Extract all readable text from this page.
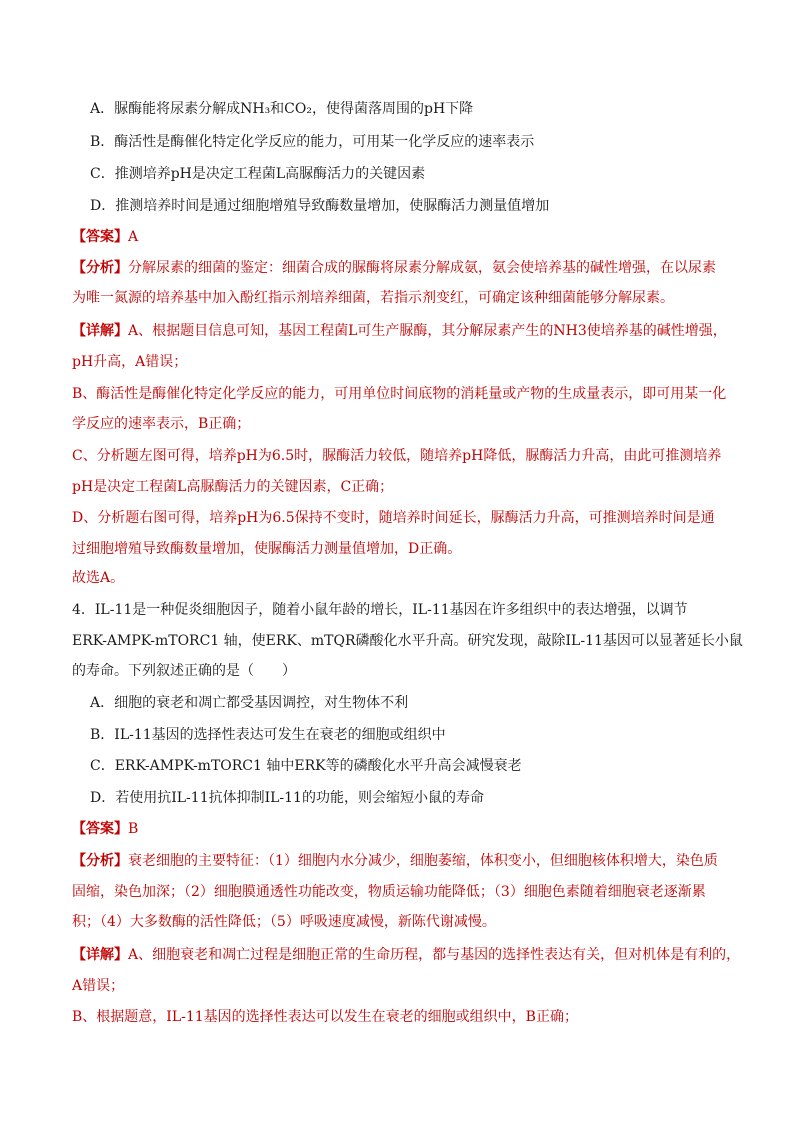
A．脲酶能将尿素分解成NH₃和CO₂，使得菌落周围的pH下降
B．酶活性是酶催化特定化学反应的能力，可用某一化学反应的速率表示
C．推测培养pH是决定工程菌L高脲酶活力的关键因素
D．推测培养时间是通过细胞增殖导致酶数量增加，使脲酶活力测量值增加
【答案】A
【分析】分解尿素的细菌的鉴定：细菌合成的脲酶将尿素分解成氨，氨会使培养基的碱性增强，在以尿素
为唯一氮源的培养基中加入酚红指示剂培养细菌，若指示剂变红，可确定该种细菌能够分解尿素。
【详解】A、根据题目信息可知，基因工程菌L可生产脲酶，其分解尿素产生的NH3使培养基的碱性增强，
pH升高，A错误；
B、酶活性是酶催化特定化学反应的能力，可用单位时间底物的消耗量或产物的生成量表示，即可用某一化
学反应的速率表示，B正确；
C、分析题左图可得，培养pH为6.5时，脲酶活力较低，随培养pH降低，脲酶活力升高，由此可推测培养
pH是决定工程菌L高脲酶活力的关键因素，C正确；
D、分析题右图可得，培养pH为6.5保持不变时，随培养时间延长，脲酶活力升高，可推测培养时间是通
过细胞增殖导致酶数量增加，使脲酶活力测量值增加，D正确。
故选A。
4．IL-11是一种促炎细胞因子，随着小鼠年龄的增长，IL-11基因在许多组织中的表达增强，以调节
ERK-AMPK-mTORC1 轴，使ERK、mTQR磷酸化水平升高。研究发现，敲除IL-11基因可以显著延长小鼠
的寿命。下列叙述正确的是（　　）
A．细胞的衰老和凋亡都受基因调控，对生物体不利
B．IL-11基因的选择性表达可发生在衰老的细胞或组织中
C．ERK-AMPK-mTORC1 轴中ERK等的磷酸化水平升高会减慢衰老
D．若使用抗IL-11抗体抑制IL-11的功能，则会缩短小鼠的寿命
【答案】B
【分析】衰老细胞的主要特征：（1）细胞内水分减少，细胞萎缩，体积变小，但细胞核体积增大，染色质
固缩，染色加深；（2）细胞膜通透性功能改变，物质运输功能降低；（3）细胞色素随着细胞衰老逐渐累
积；（4）大多数酶的活性降低；（5）呼吸速度减慢，新陈代谢减慢。
【详解】A、细胞衰老和凋亡过程是细胞正常的生命历程，都与基因的选择性表达有关，但对机体是有利的，
A错误；
B、根据题意，IL-11基因的选择性表达可以发生在衰老的细胞或组织中，B正确；
